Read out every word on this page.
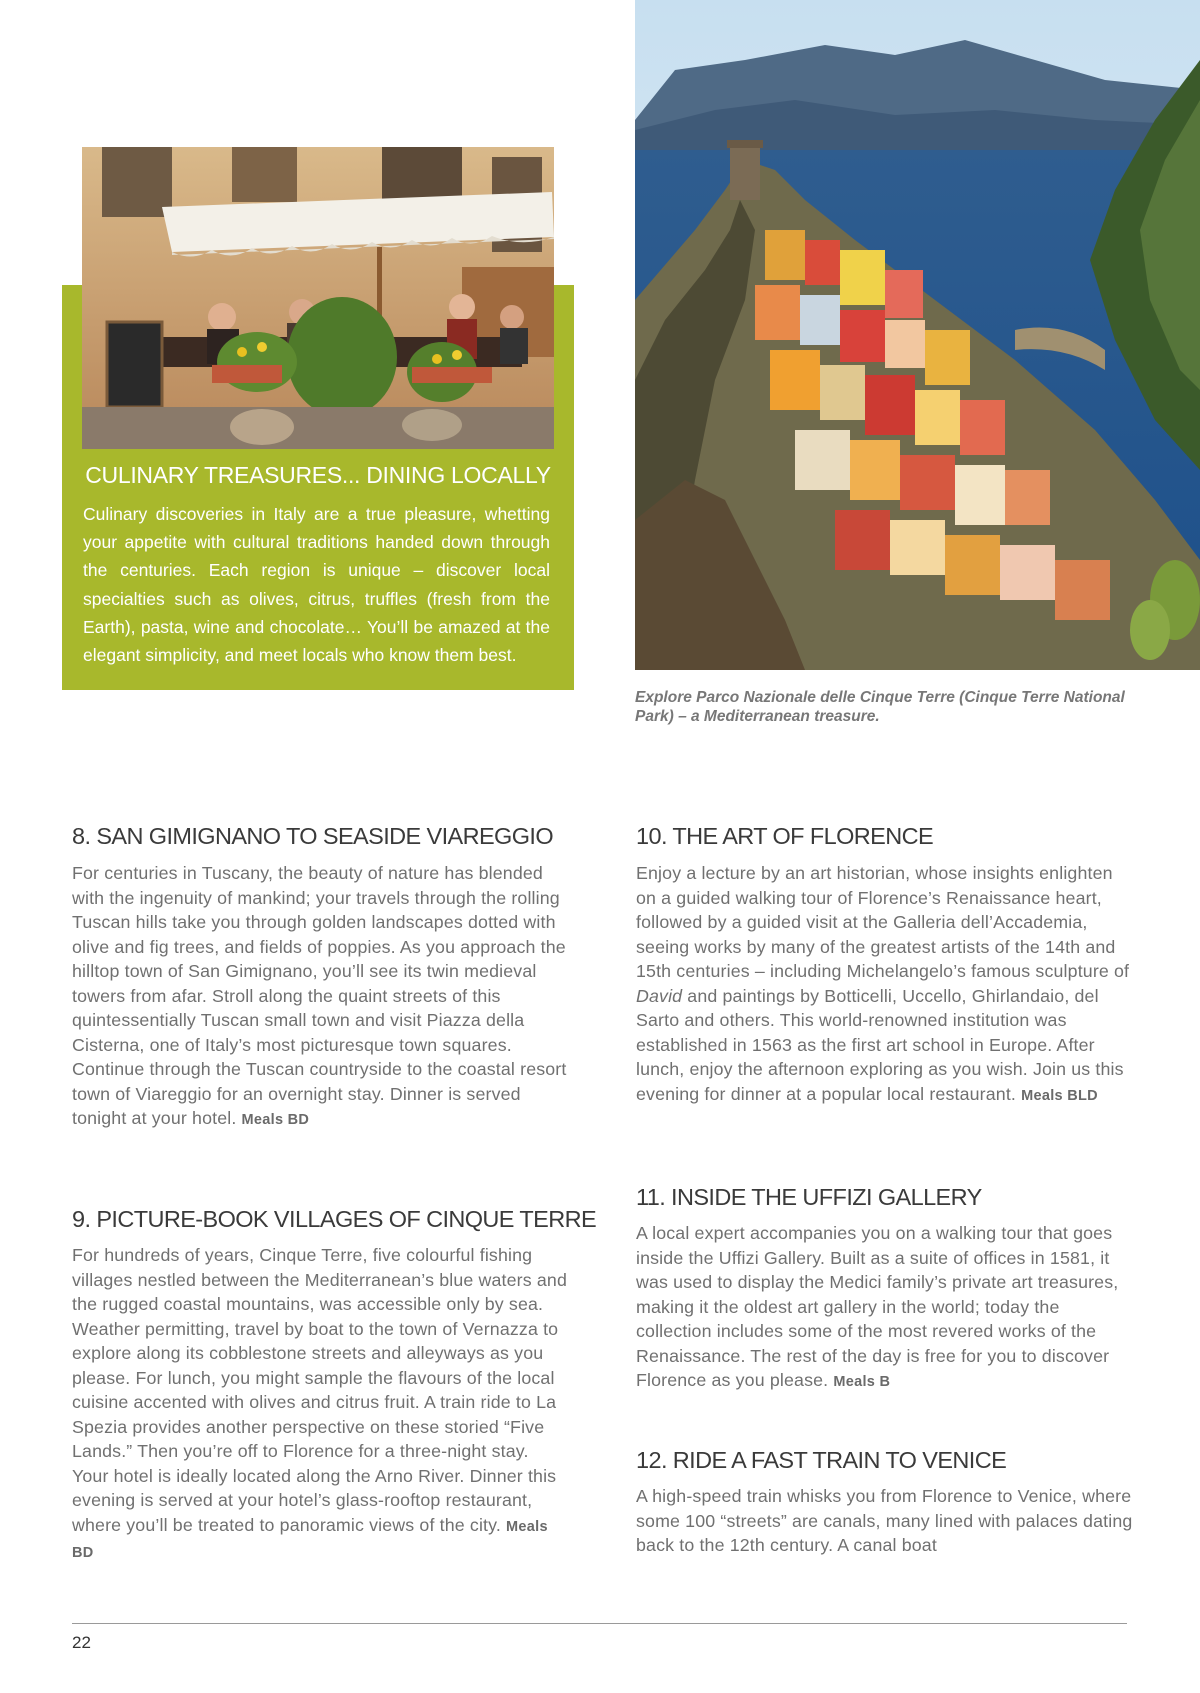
CULINARY TREASURES... DINING LOCALLY
Culinary discoveries in Italy are a true pleasure, whetting your appetite with cultural traditions handed down through the centuries. Each region is unique – discover local specialties such as olives, citrus, truffles (fresh from the Earth), pasta, wine and chocolate… You’ll be amazed at the elegant simplicity, and meet locals who know them best.
Explore Parco Nazionale delle Cinque Terre (Cinque Terre National Park) – a Mediterranean treasure.
8. SAN GIMIGNANO TO SEASIDE VIAREGGIO
For centuries in Tuscany, the beauty of nature has blended with the ingenuity of mankind; your travels through the rolling Tuscan hills take you through golden landscapes dotted with olive and fig trees, and fields of poppies. As you approach the hilltop town of San Gimignano, you’ll see its twin medieval towers from afar. Stroll along the quaint streets of this quintessentially Tuscan small town and visit Piazza della Cisterna, one of Italy’s most picturesque town squares. Continue through the Tuscan countryside to the coastal resort town of Viareggio for an overnight stay. Dinner is served tonight at your hotel. Meals BD
9. PICTURE-BOOK VILLAGES OF CINQUE TERRE
For hundreds of years, Cinque Terre, five colourful fishing villages nestled between the Mediterranean’s blue waters and the rugged coastal mountains, was accessible only by sea. Weather permitting, travel by boat to the town of Vernazza to explore along its cobblestone streets and alleyways as you please. For lunch, you might sample the flavours of the local cuisine accented with olives and citrus fruit. A train ride to La Spezia provides another perspective on these storied “Five Lands.” Then you’re off to Florence for a three-night stay. Your hotel is ideally located along the Arno River. Dinner this evening is served at your hotel’s glass-rooftop restaurant, where you’ll be treated to panoramic views of the city. Meals BD
10. THE ART OF FLORENCE
Enjoy a lecture by an art historian, whose insights enlighten on a guided walking tour of Florence’s Renaissance heart, followed by a guided visit at the Galleria dell’Accademia, seeing works by many of the greatest artists of the 14th and 15th centuries – including Michelangelo’s famous sculpture of David and paintings by Botticelli, Uccello, Ghirlandaio, del Sarto and others. This world-renowned institution was established in 1563 as the first art school in Europe. After lunch, enjoy the afternoon exploring as you wish. Join us this evening for dinner at a popular local restaurant. Meals BLD
11. INSIDE THE UFFIZI GALLERY
A local expert accompanies you on a walking tour that goes inside the Uffizi Gallery. Built as a suite of offices in 1581, it was used to display the Medici family’s private art treasures, making it the oldest art gallery in the world; today the collection includes some of the most revered works of the Renaissance. The rest of the day is free for you to discover Florence as you please. Meals B
12. RIDE A FAST TRAIN TO VENICE
A high-speed train whisks you from Florence to Venice, where some 100 “streets” are canals, many lined with palaces dating back to the 12th century. A canal boat
22
